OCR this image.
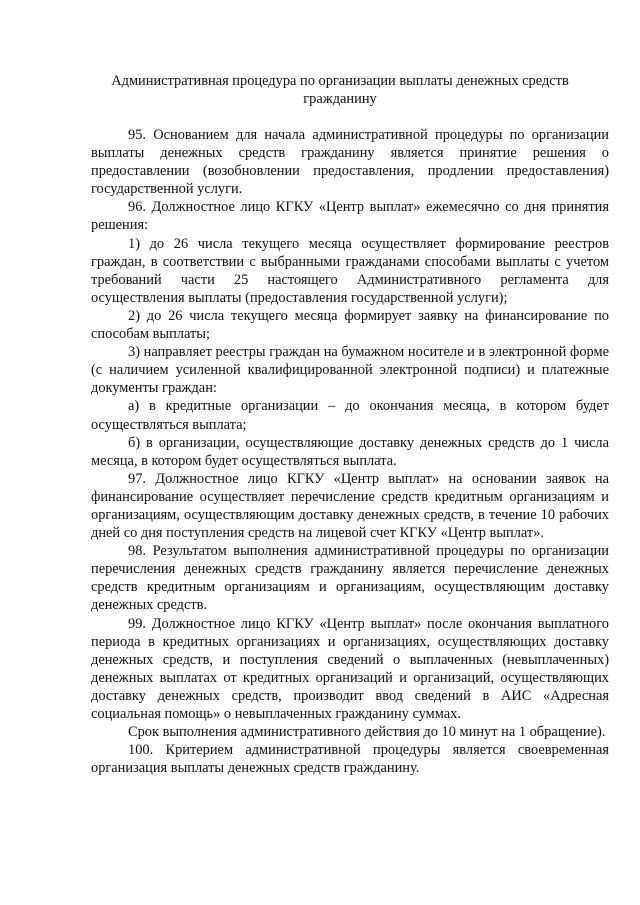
Административная процедура по организации выплаты денежных средств гражданину

95. Основанием для начала административной процедуры по организации выплаты денежных средств гражданину является принятие решения о предоставлении (возобновлении предоставления, продлении предоставления) государственной услуги.

96. Должностное лицо КГКУ «Центр выплат» ежемесячно со дня принятия решения:

1) до 26 числа текущего месяца осуществляет формирование реестров граждан, в соответствии с выбранными гражданами способами выплаты с учетом требований части 25 настоящего Административного регламента для осуществления выплаты (предоставления государственной услуги);

2) до 26 числа текущего месяца формирует заявку на финансирование по способам выплаты;

3) направляет реестры граждан на бумажном носителе и в электронной форме (с наличием усиленной квалифицированной электронной подписи) и платежные документы граждан:

а) в кредитные организации – до окончания месяца, в котором будет осуществляться выплата;

б) в организации, осуществляющие доставку денежных средств до 1 числа месяца, в котором будет осуществляться выплата.

97. Должностное лицо КГКУ «Центр выплат» на основании заявок на финансирование осуществляет перечисление средств кредитным организациям и организациям, осуществляющим доставку денежных средств, в течение 10 рабочих дней со дня поступления средств на лицевой счет КГКУ «Центр выплат».

98. Результатом выполнения административной процедуры по организации перечисления денежных средств гражданину является перечисление денежных средств кредитным организациям и организациям, осуществляющим доставку денежных средств.

99. Должностное лицо КГКУ «Центр выплат» после окончания выплатного периода в кредитных организациях и организациях, осуществляющих доставку денежных средств, и поступления сведений о выплаченных (невыплаченных) денежных выплатах от кредитных организаций и организаций, осуществляющих доставку денежных средств, производит ввод сведений в АИС «Адресная социальная помощь» о невыплаченных гражданину суммах.

Срок выполнения административного действия до 10 минут на 1 обращение).

100. Критерием административной процедуры является своевременная организация выплаты денежных средств гражданину.
